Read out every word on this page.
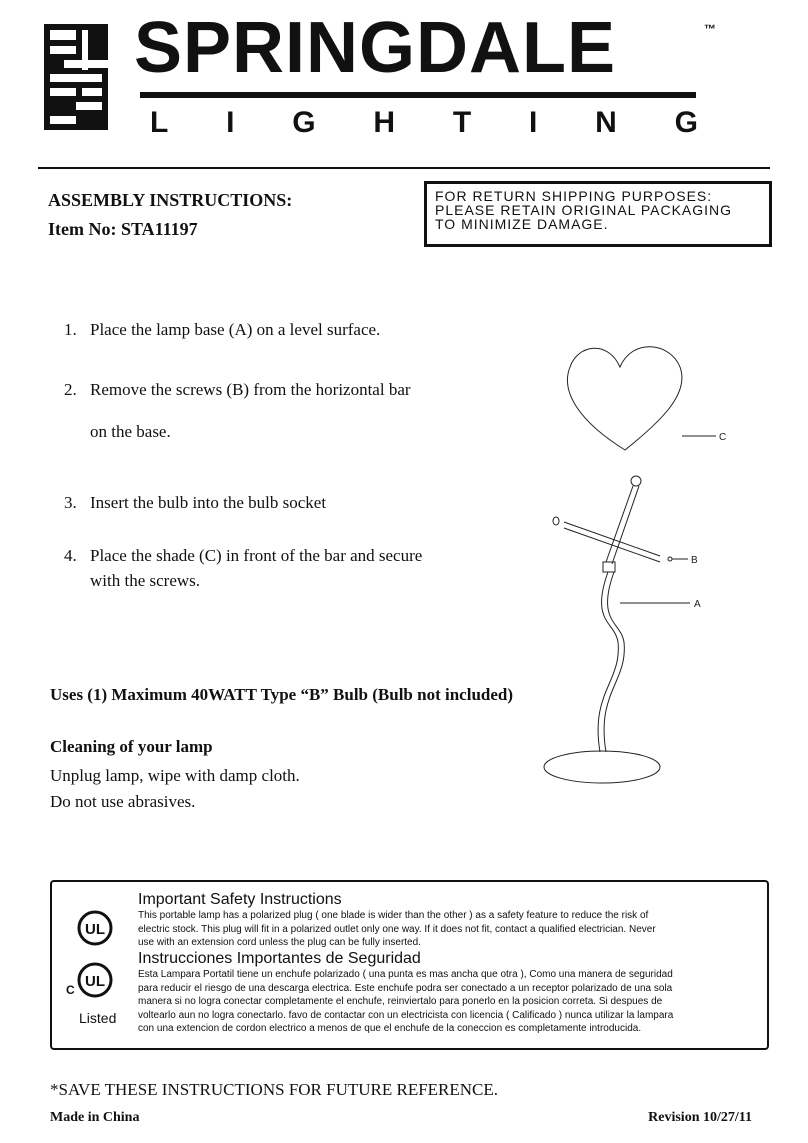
SPRINGDALE	™
L I G H T I N G
ASSEMBLY INSTRUCTIONS:
Item No: STA11197
FOR RETURN SHIPPING PURPOSES:
PLEASE RETAIN ORIGINAL PACKAGING
TO MINIMIZE DAMAGE.
1. Place the lamp base (A) on a level surface.
2. Remove the screws (B) from the horizontal bar
on the base.
3. Insert the bulb into the bulb socket
4. Place the shade (C) in front of the bar and secure
with the screws.
C
B
A
Uses (1) Maximum 40WATT Type “B” Bulb (Bulb not included)
Cleaning of your lamp
Unplug lamp, wipe with damp cloth.
Do not use abrasives.
UL
C UL
Listed
Important Safety Instructions
This portable lamp has a polarized plug ( one blade is wider than the other ) as a safety feature to reduce the risk of
electric stock. This plug will fit in a polarized outlet only one way. If it does not fit, contact a qualified electrician. Never
use with an extension cord unless the plug can be fully inserted.
Instrucciones Importantes de Seguridad
Esta Lampara Portatil tiene un enchufe polarizado ( una punta es mas ancha que otra ), Como una manera de seguridad
para reducir el riesgo de una descarga electrica. Este enchufe podra ser conectado a un receptor polarizado de una sola
manera si no logra conectar completamente el enchufe, reinviertalo para ponerlo en la posicion correta. Si despues de
voltearlo aun no logra conectarlo. favo de contactar con un electricista con licencia ( Calificado ) nunca utilizar la lampara
con una extencion de cordon electrico a menos de que el enchufe de la coneccion es completamente introducida.
*SAVE THESE INSTRUCTIONS FOR FUTURE REFERENCE.
Made in China	Revision 10/27/11
